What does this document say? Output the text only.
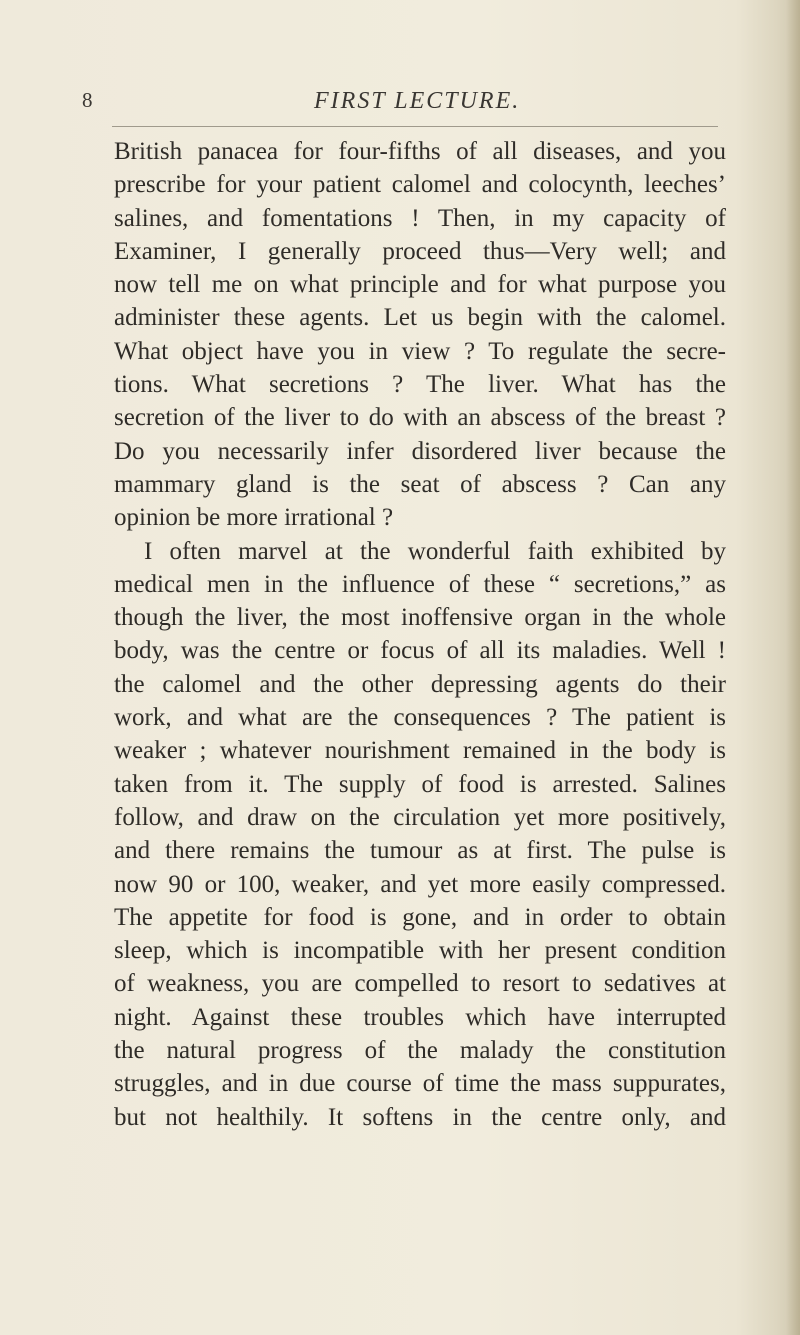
8	FIRST LECTURE.
British panacea for four-fifths of all diseases, and you
prescribe for your patient calomel and colocynth, leeches’
salines, and fomentations ! Then, in my capacity of
Examiner, I generally proceed thus—Very well; and
now tell me on what principle and for what purpose you
administer these agents. Let us begin with the calomel.
What object have you in view ? To regulate the secre-
tions. What secretions ? The liver. What has the
secretion of the liver to do with an abscess of the breast ?
Do you necessarily infer disordered liver because the
mammary gland is the seat of abscess ? Can any
opinion be more irrational ?
I often marvel at the wonderful faith exhibited by
medical men in the influence of these “ secretions,” as
though the liver, the most inoffensive organ in the whole
body, was the centre or focus of all its maladies. Well !
the calomel and the other depressing agents do their
work, and what are the consequences ? The patient is
weaker ; whatever nourishment remained in the body is
taken from it. The supply of food is arrested. Salines
follow, and draw on the circulation yet more positively,
and there remains the tumour as at first. The pulse is
now 90 or 100, weaker, and yet more easily compressed.
The appetite for food is gone, and in order to obtain
sleep, which is incompatible with her present condition
of weakness, you are compelled to resort to sedatives at
night. Against these troubles which have interrupted
the natural progress of the malady the constitution
struggles, and in due course of time the mass suppurates,
but not healthily. It softens in the centre only, and
